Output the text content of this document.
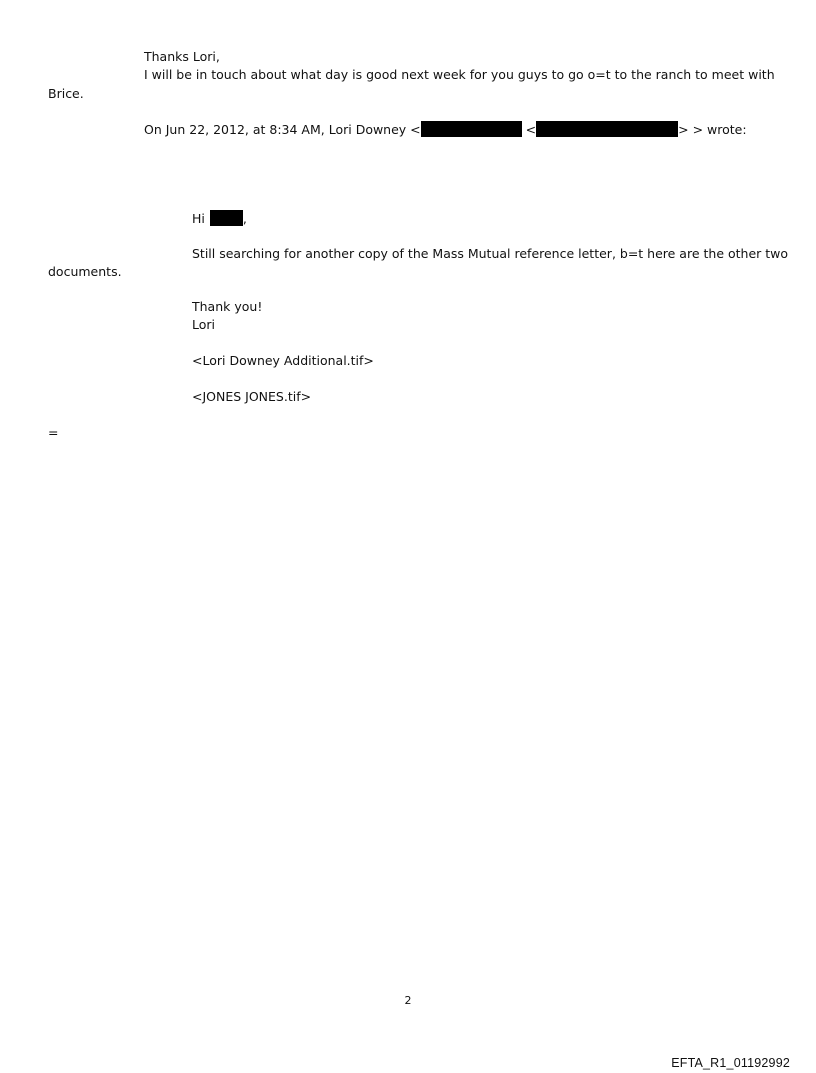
Thanks Lori,
I will be in touch about what day is good next week for you guys to go o=t to the ranch to meet with
Brice.
On Jun 22, 2012, at 8:34 AM, Lori Downey <	<	> > wrote:
Hi	,
Still searching for another copy of the Mass Mutual reference letter, b=t here are the other two
documents.
Thank you!
Lori
<Lori Downey Additional.tif>
<JONES JONES.tif>
=
2
EFTA_R1_01192992
